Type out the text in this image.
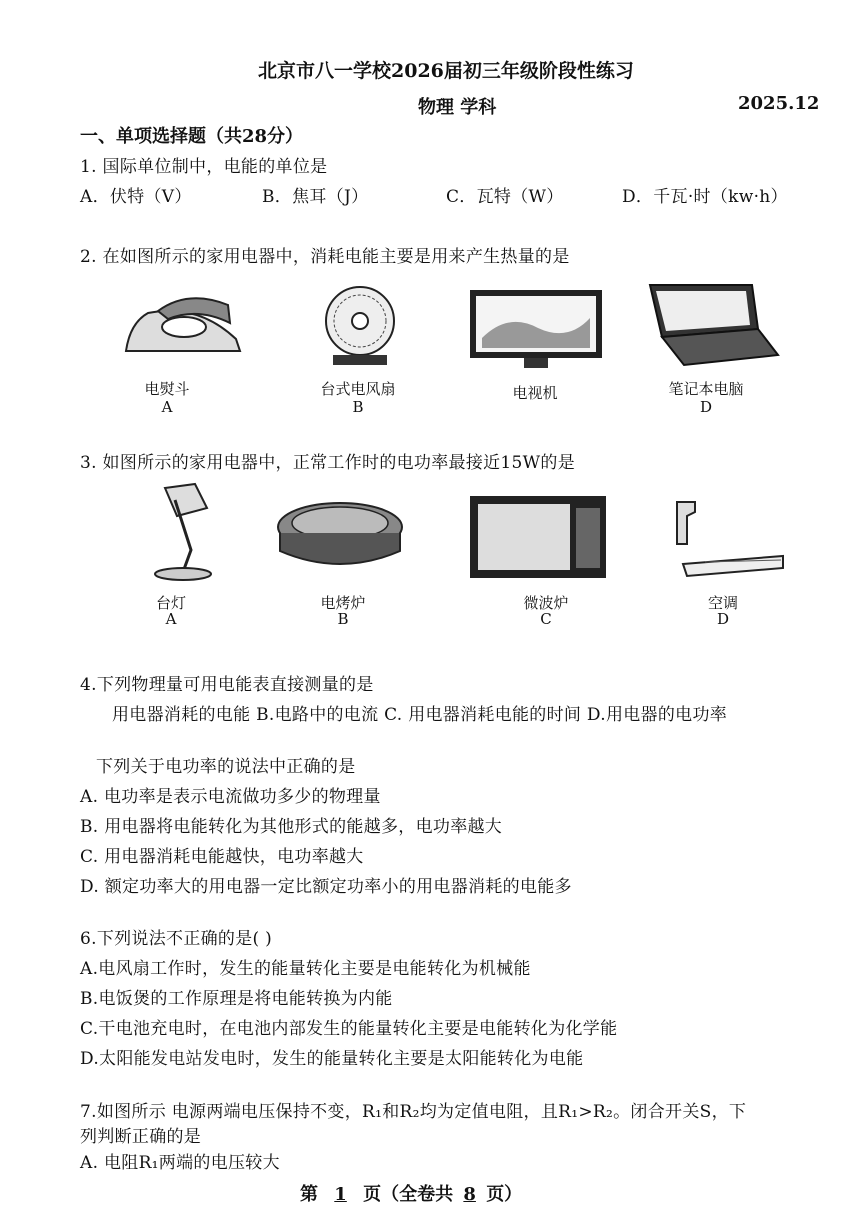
北京市八一学校2026届初三年级阶段性练习
物理 学科	2025.12
一、单项选择题（共28分）
1. 国际单位制中，电能的单位是
A．伏特（V）	B．焦耳（J）	C．瓦特（W）	D．千瓦·时（kw·h）
2. 在如图所示的家用电器中，消耗电能主要是用来产生热量的是
电熨斗
A
台式电风扇
B
电视机	笔记本电脑
D
3. 如图所示的家用电器中，正常工作时的电功率最接近15W的是
台灯
A
电烤炉
B
微波炉
C
空调
D
4.下列物理量可用电能表直接测量的是
用电器消耗的电能 B.电路中的电流 C. 用电器消耗电能的时间 D.用电器的电功率
下列关于电功率的说法中正确的是
A. 电功率是表示电流做功多少的物理量
B. 用电器将电能转化为其他形式的能越多，电功率越大
C. 用电器消耗电能越快，电功率越大
D. 额定功率大的用电器一定比额定功率小的用电器消耗的电能多
6.下列说法不正确的是( )
A.电风扇工作时，发生的能量转化主要是电能转化为机械能
B.电饭煲的工作原理是将电能转换为内能
C.干电池充电时，在电池内部发生的能量转化主要是电能转化为化学能
D.太阳能发电站发电时，发生的能量转化主要是太阳能转化为电能
7.如图所示 电源两端电压保持不变，R₁和R₂均为定值电阻，且R₁>R₂。闭合开关S，下
列判断正确的是
A. 电阻R₁两端的电压较大
第 1 页（全卷共 8 页）
